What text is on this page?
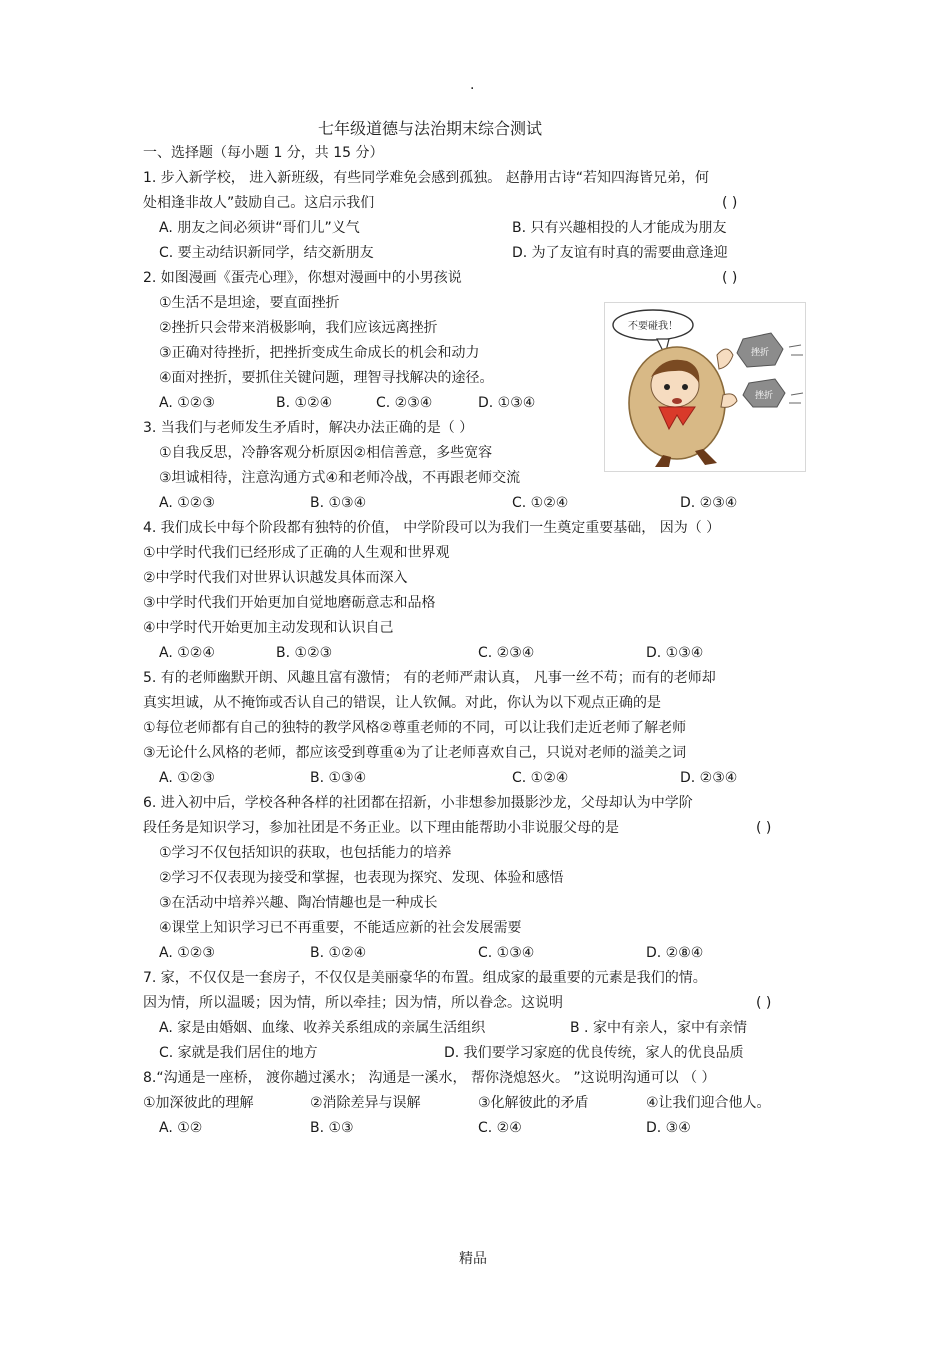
.
七年级道德与法治期末综合测试
一、选择题（每小题 1 分，共 15 分）
1. 步入新学校， 进入新班级，有些同学难免会感到孤独。 赵静用古诗“若知四海皆兄弟，何
处相逢非故人”鼓励自己。这启示我们	( )
A. 朋友之间必须讲“哥们儿”义气	B. 只有兴趣相投的人才能成为朋友
C. 要主动结识新同学，结交新朋友	D. 为了友谊有时真的需要曲意逢迎
2. 如图漫画《蛋壳心理》，你想对漫画中的小男孩说	( )
①生活不是坦途，要直面挫折
②挫折只会带来消极影响，我们应该远离挫折
③正确对待挫折，把挫折变成生命成长的机会和动力
④面对挫折，要抓住关键问题，理智寻找解决的途径。
A. ①②③	B. ①②④	C. ②③④	D. ①③④
不要碰我！
挫折
挫折
3. 当我们与老师发生矛盾时，解决办法正确的是（ ）
①自我反思，冷静客观分析原因②相信善意，多些宽容
③坦诚相待，注意沟通方式④和老师冷战，不再跟老师交流
A. ①②③	B. ①③④	C. ①②④	D. ②③④
4. 我们成长中每个阶段都有独特的价值， 中学阶段可以为我们一生奠定重要基础， 因为（ ）
①中学时代我们已经形成了正确的人生观和世界观
②中学时代我们对世界认识越发具体而深入
③中学时代我们开始更加自觉地磨砺意志和品格
④中学时代开始更加主动发现和认识自己
A. ①②④	B. ①②③	C. ②③④	D. ①③④
5. 有的老师幽默开朗、风趣且富有激情； 有的老师严肃认真， 凡事一丝不苟；而有的老师却
真实坦诚，从不掩饰或否认自己的错误，让人钦佩。对此，你认为以下观点正确的是
①每位老师都有自己的独特的教学风格②尊重老师的不同，可以让我们走近老师了解老师
③无论什么风格的老师，都应该受到尊重④为了让老师喜欢自己，只说对老师的溢美之词
A. ①②③	B. ①③④	C. ①②④	D. ②③④
6. 进入初中后，学校各种各样的社团都在招新，小非想参加摄影沙龙，父母却认为中学阶
段任务是知识学习，参加社团是不务正业。以下理由能帮助小非说服父母的是	( )
①学习不仅包括知识的获取，也包括能力的培养
②学习不仅表现为接受和掌握，也表现为探究、发现、体验和感悟
③在活动中培养兴趣、陶冶情趣也是一种成长
④课堂上知识学习已不再重要，不能适应新的社会发展需要
A. ①②③	B. ①②④	C. ①③④	D. ②⑧④
7. 家，不仅仅是一套房子，不仅仅是美丽豪华的布置。组成家的最重要的元素是我们的情。
因为情，所以温暖；因为情，所以牵挂；因为情，所以眷念。这说明	( )
A. 家是由婚姻、血缘、收养关系组成的亲属生活组织	B . 家中有亲人，家中有亲情
C. 家就是我们居住的地方	D. 我们要学习家庭的优良传统，家人的优良品质
8.“沟通是一座桥， 渡你趟过溪水； 沟通是一溪水， 帮你浇熄怒火。 ”这说明沟通可以 （ ）
①加深彼此的理解	②消除差异与误解	③化解彼此的矛盾	④让我们迎合他人。
A. ①②	B. ①③	C. ②④	D. ③④
精品
